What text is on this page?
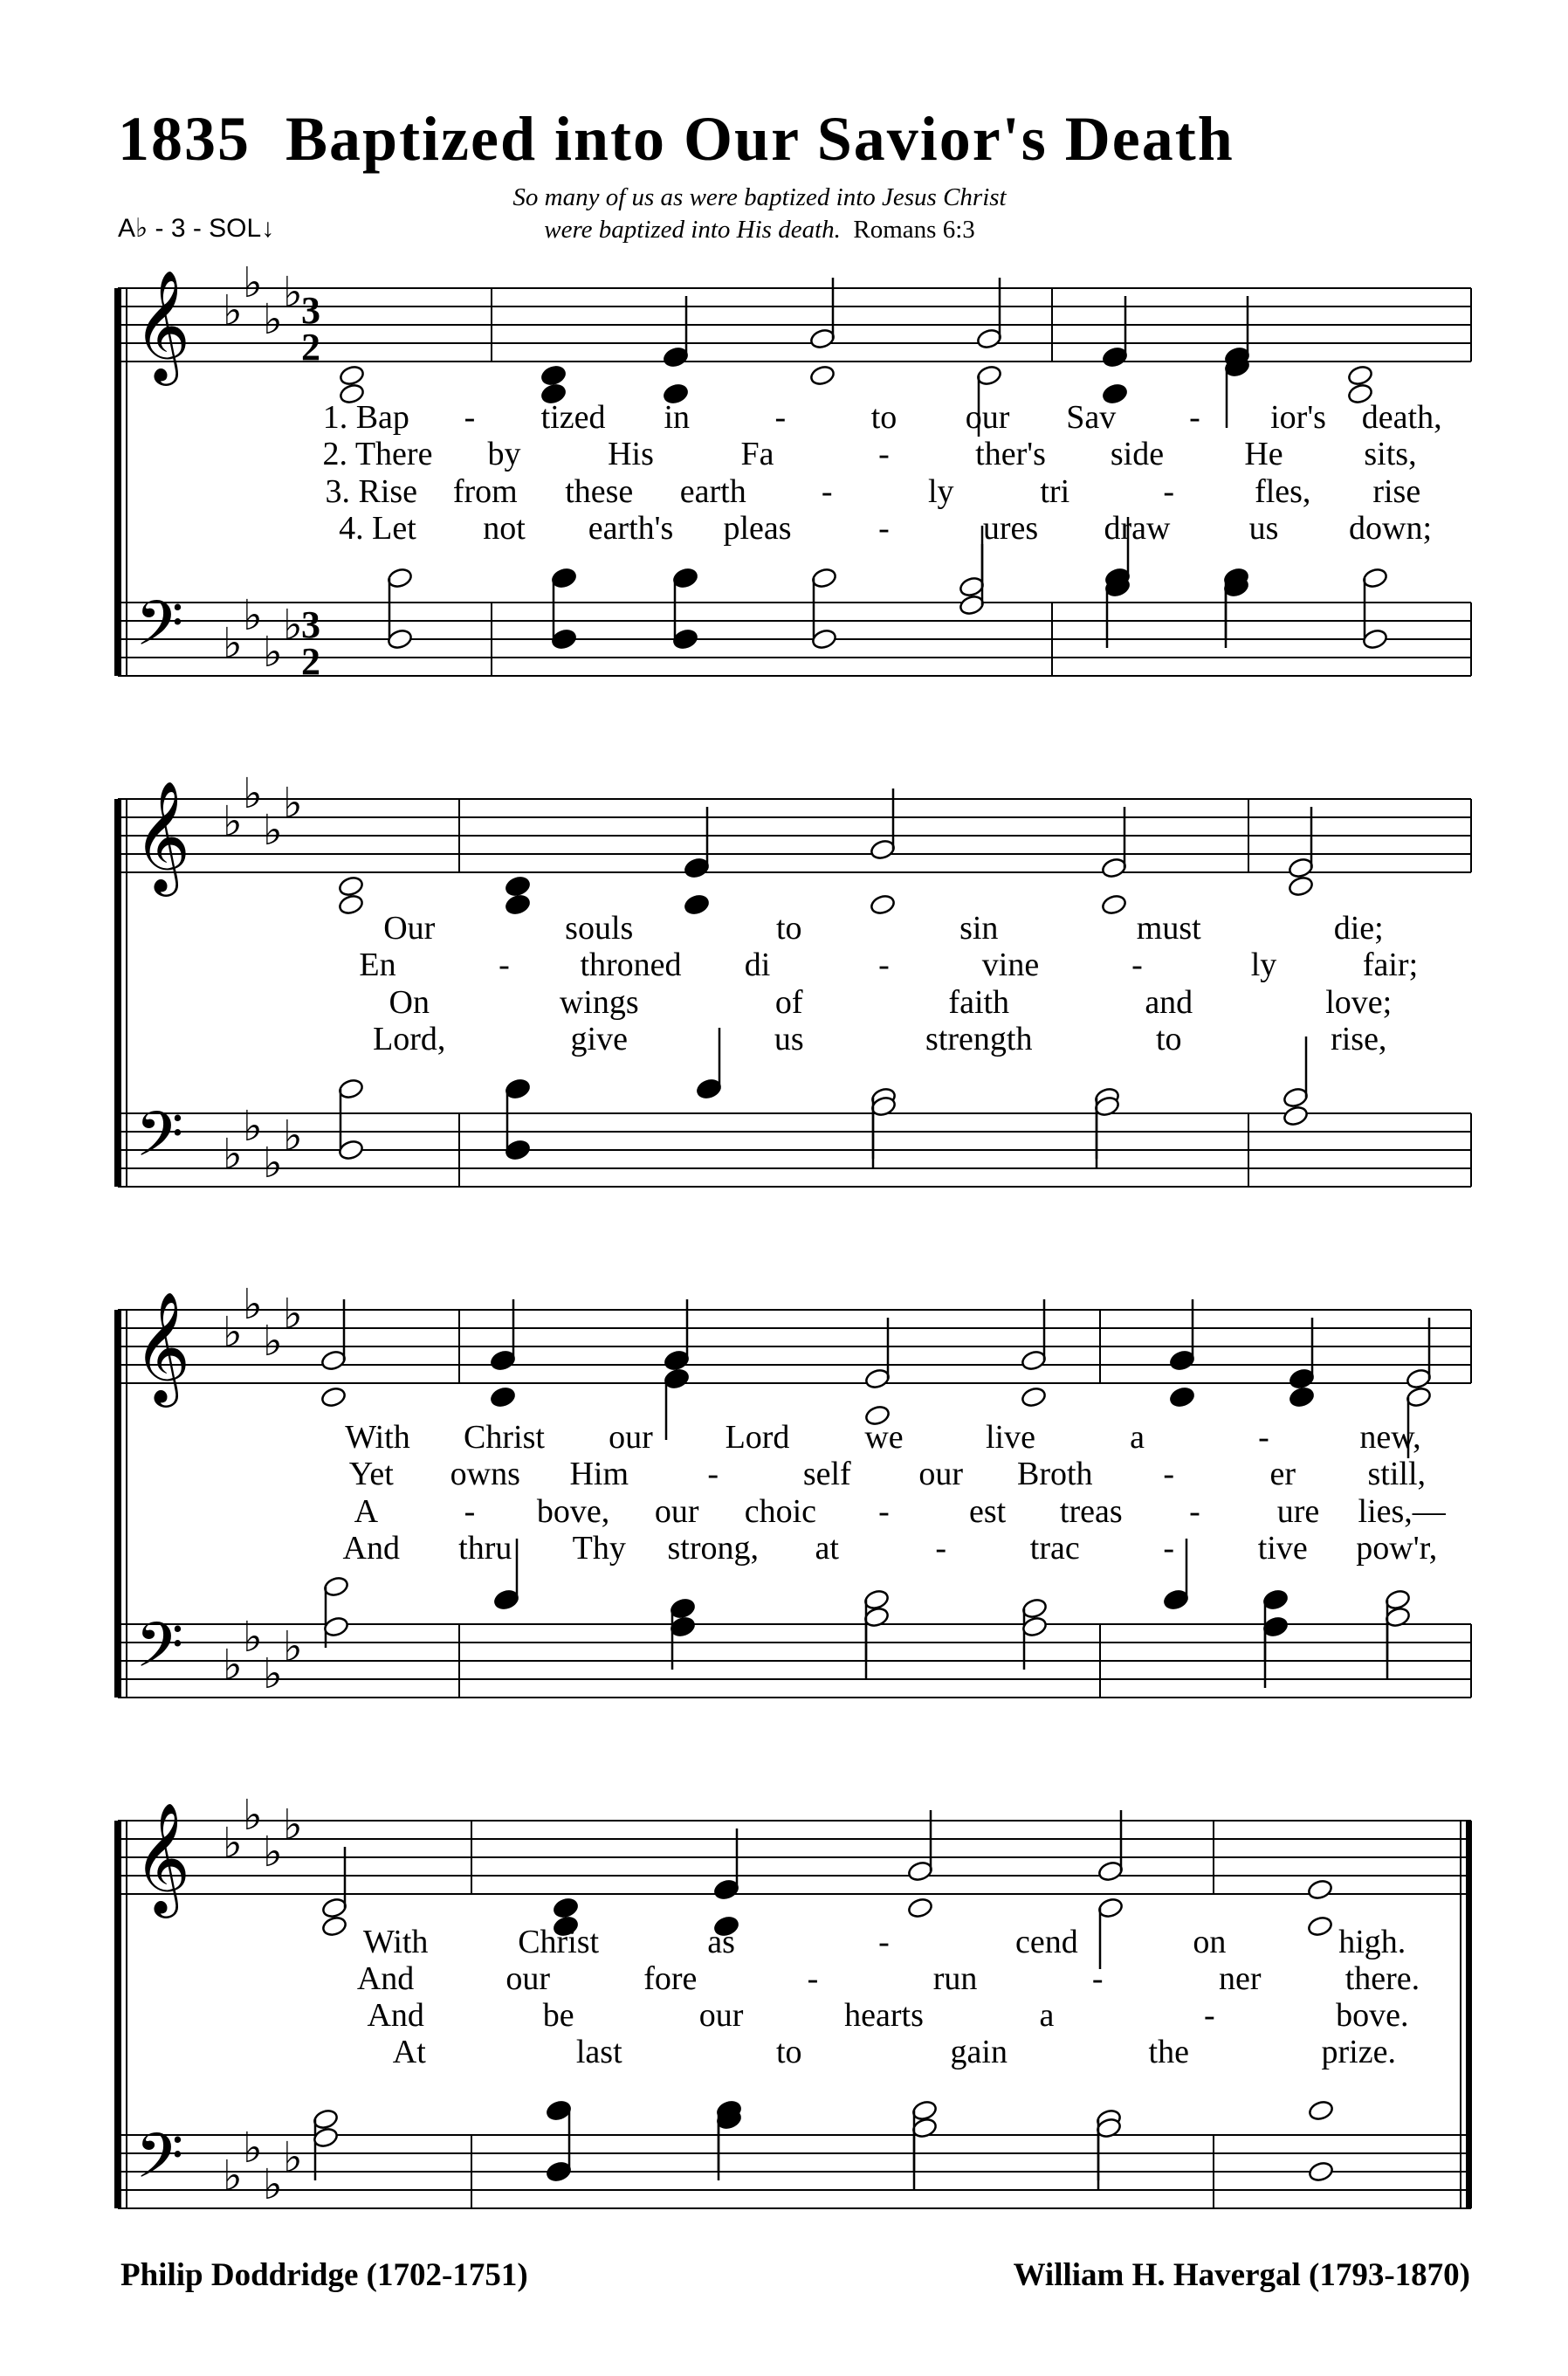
1835 Baptized into Our Savior's Death
A♭ - 3 - SOL↓
So many of us as were baptized into Jesus Christ
were baptized into His death. Romans 6:3
𝄞
𝄢
♭
♭
♭
♭
♭
♭
♭
♭
3
2
3
2
1. Bap - tized in	-	to our Sav - ior's death,
2. There by	His	Fa	-	ther's side He sits,
3. Rise from these earth -	ly	tri	- fles, rise
4. Let not earth's pleas	-	ures draw us down;
𝄞
𝄢
♭
♭
♭
♭
♭
♭
♭
♭
Our	souls	to	sin	must	die;
En	- throned di	-	vine	-	ly	fair;
On	wings	of	faith	and	love;
Lord,	give	us	strength	to	rise,
𝄞
𝄢
♭
♭
♭
♭
♭
♭
♭
♭
With Christ our Lord we live	a	-	new,
Yet owns Him -	self our Broth -	er still,
A	- bove, our choic - est treas - ure lies,—
And thru Thy strong, at	-	trac	-	tive pow'r,
𝄞
𝄢
♭
♭
♭
♭
♭
♭
♭
♭
With	Christ	as	-	cend	on	high.
And	our	fore	-	run	-	ner	there.
And	be	our	hearts	a	-	bove.
At	last	to	gain	the	prize.
Philip Doddridge (1702-1751)	William H. Havergal (1793-1870)
